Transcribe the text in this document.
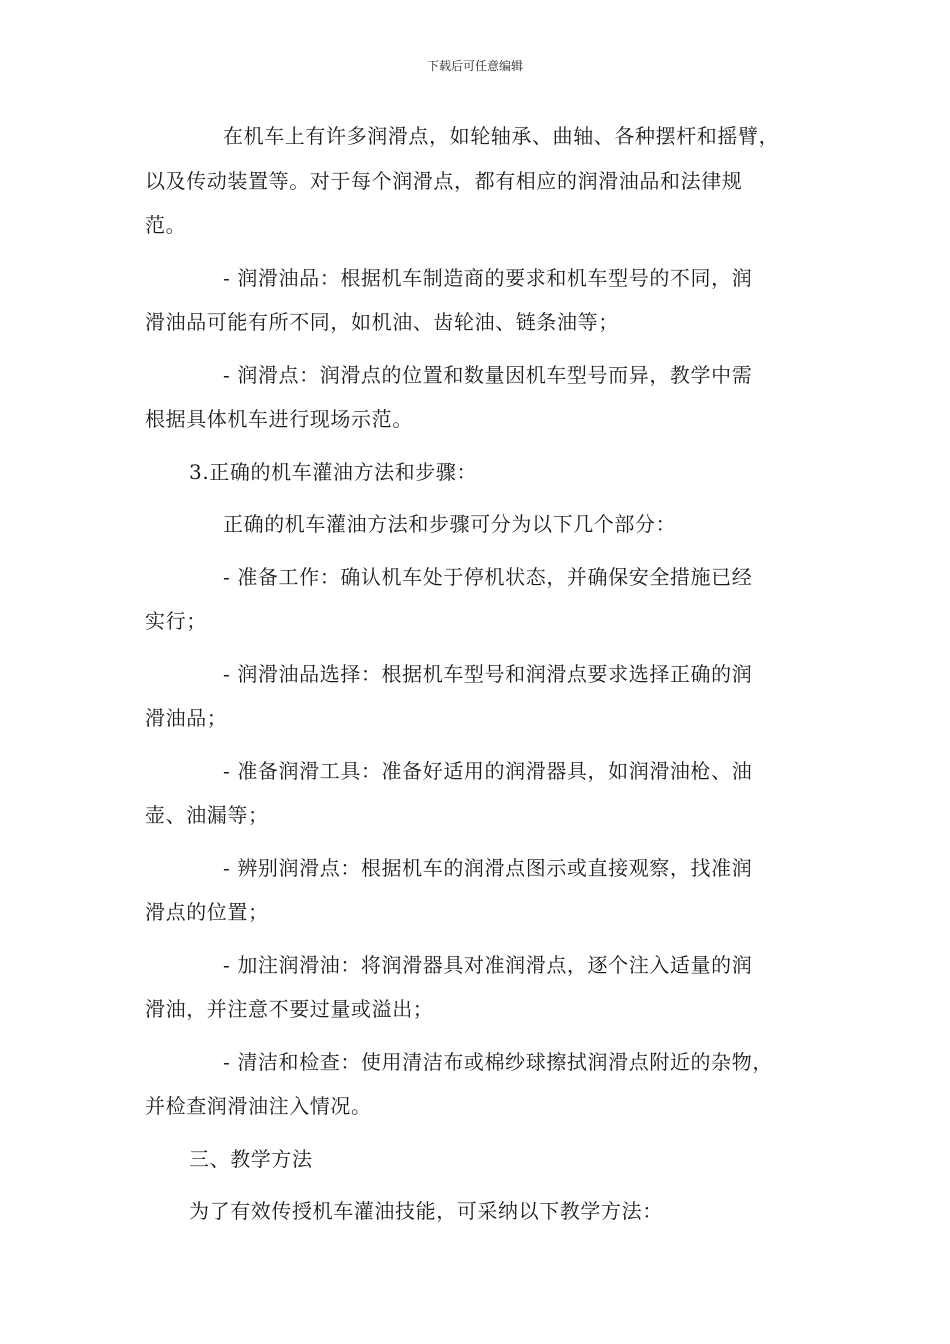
下载后可任意编辑

在机车上有许多润滑点，如轮轴承、曲轴、各种摆杆和摇臂，
以及传动装置等。对于每个润滑点，都有相应的润滑油品和法律规
范。

- 润滑油品：根据机车制造商的要求和机车型号的不同，润
滑油品可能有所不同，如机油、齿轮油、链条油等；

- 润滑点：润滑点的位置和数量因机车型号而异，教学中需
根据具体机车进行现场示范。

3.正确的机车灌油方法和步骤：

正确的机车灌油方法和步骤可分为以下几个部分：

- 准备工作：确认机车处于停机状态，并确保安全措施已经
实行；

- 润滑油品选择：根据机车型号和润滑点要求选择正确的润
滑油品；

- 准备润滑工具：准备好适用的润滑器具，如润滑油枪、油
壶、油漏等；

- 辨别润滑点：根据机车的润滑点图示或直接观察，找准润
滑点的位置；

- 加注润滑油：将润滑器具对准润滑点，逐个注入适量的润
滑油，并注意不要过量或溢出；

- 清洁和检查：使用清洁布或棉纱球擦拭润滑点附近的杂物，
并检查润滑油注入情况。

三、教学方法

为了有效传授机车灌油技能，可采纳以下教学方法：
